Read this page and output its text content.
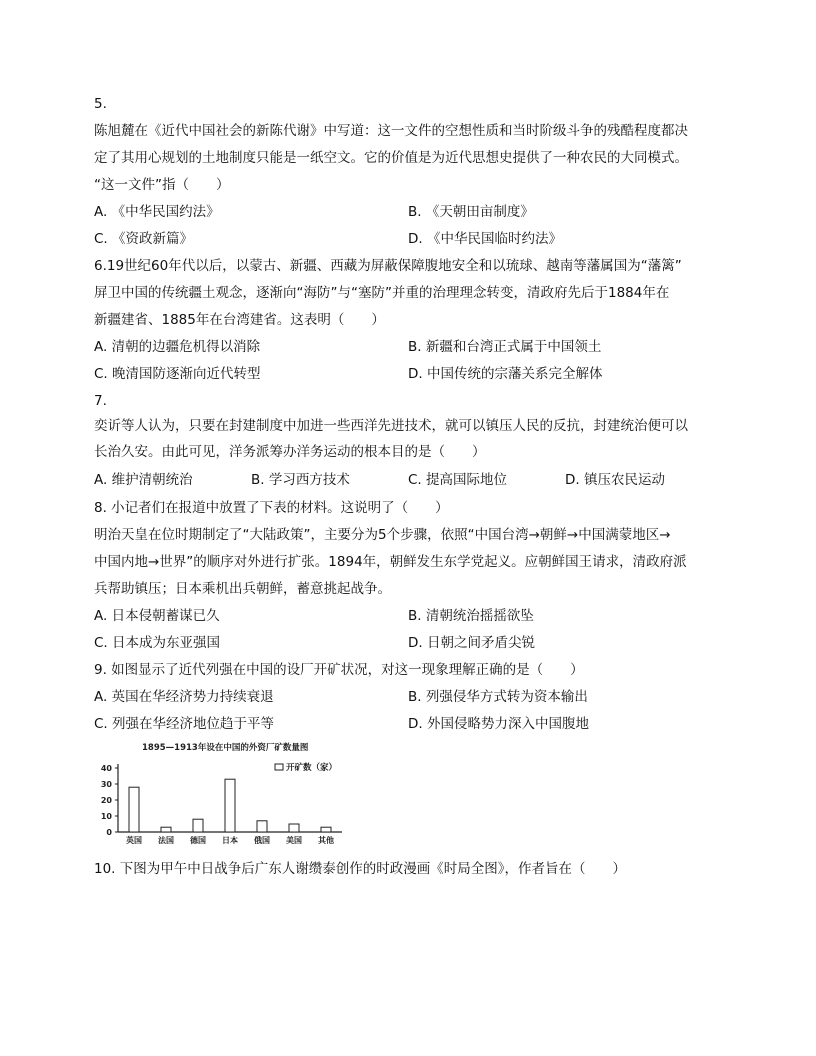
5.
陈旭麓在《近代中国社会的新陈代谢》中写道：这一文件的空想性质和当时阶级斗争的残酷程度都决
定了其用心规划的土地制度只能是一纸空文。它的价值是为近代思想史提供了一种农民的大同模式。
“这一文件”指（　　）
A. 《中华民国约法》	B. 《天朝田亩制度》
C. 《资政新篇》	D. 《中华民国临时约法》
6.19世纪60年代以后，以蒙古、新疆、西藏为屏蔽保障腹地安全和以琉球、越南等藩属国为“藩篱”
屏卫中国的传统疆土观念，逐渐向“海防”与“塞防”并重的治理理念转变，清政府先后于1884年在
新疆建省、1885年在台湾建省。这表明（　　）
A. 清朝的边疆危机得以消除	B. 新疆和台湾正式属于中国领土
C. 晚清国防逐渐向近代转型	D. 中国传统的宗藩关系完全解体
7.
奕䜣等人认为，只要在封建制度中加进一些西洋先进技术，就可以镇压人民的反抗，封建统治便可以
长治久安。由此可见，洋务派筹办洋务运动的根本目的是（　　）
A. 维护清朝统治	B. 学习西方技术	C. 提高国际地位	D. 镇压农民运动
8. 小记者们在报道中放置了下表的材料。这说明了（　　）
明治天皇在位时期制定了“大陆政策”，主要分为5个步骤，依照“中国台湾→朝鲜→中国满蒙地区→
中国内地→世界”的顺序对外进行扩张。1894年，朝鲜发生东学党起义。应朝鲜国王请求，清政府派
兵帮助镇压；日本乘机出兵朝鲜，蓄意挑起战争。
A. 日本侵朝蓄谋已久	B. 清朝统治摇摇欲坠
C. 日本成为东亚强国	D. 日朝之间矛盾尖锐
9. 如图显示了近代列强在中国的设厂开矿状况，对这一现象理解正确的是（　　）
A. 英国在华经济势力持续衰退	B. 列强侵华方式转为资本输出
C. 列强在华经济地位趋于平等	D. 外国侵略势力深入中国腹地
1895—1913年设在中国的外资厂矿数量图
开矿数（家）
0
10
20
30
40
英国 法国 德国 日本 俄国 美国 其他
10. 下图为甲午中日战争后广东人谢缵泰创作的时政漫画《时局全图》，作者旨在（　　）
